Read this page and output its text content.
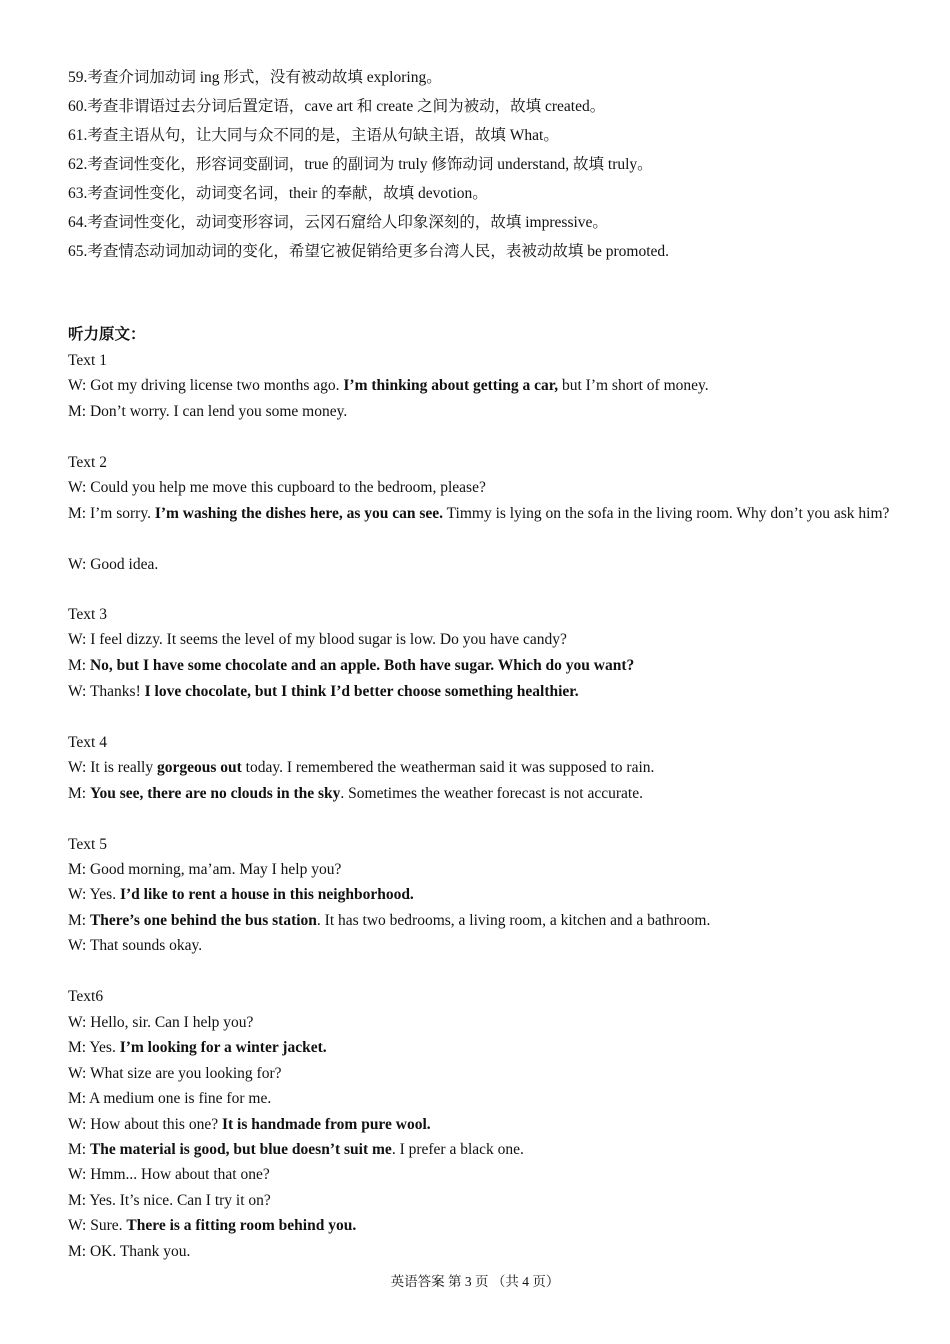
59.考查介词加动词 ing 形式，没有被动故填 exploring。
60.考查非谓语过去分词后置定语，cave art 和 create 之间为被动，故填 created。
61.考查主语从句，让大同与众不同的是，主语从句缺主语，故填 What。
62.考查词性变化，形容词变副词，true 的副词为 truly 修饰动词 understand, 故填 truly。
63.考查词性变化，动词变名词，their 的奉献，故填 devotion。
64.考查词性变化，动词变形容词，云冈石窟给人印象深刻的，故填 impressive。
65.考查情态动词加动词的变化，希望它被促销给更多台湾人民，表被动故填 be promoted.
听力原文：
Text 1
W: Got my driving license two months ago. I’m thinking about getting a car, but I’m short of money.
M: Don’t worry. I can lend you some money.
Text 2
W: Could you help me move this cupboard to the bedroom, please?
M: I’m sorry. I’m washing the dishes here, as you can see. Timmy is lying on the sofa in the living room. Why don’t you ask him?
W: Good idea.
Text 3
W: I feel dizzy. It seems the level of my blood sugar is low. Do you have candy?
M: No, but I have some chocolate and an apple. Both have sugar. Which do you want?
W: Thanks! I love chocolate, but I think I’d better choose something healthier.
Text 4
W: It is really gorgeous out today. I remembered the weatherman said it was supposed to rain.
M: You see, there are no clouds in the sky. Sometimes the weather forecast is not accurate.
Text 5
M: Good morning, ma’am. May I help you?
W: Yes. I’d like to rent a house in this neighborhood.
M: There’s one behind the bus station. It has two bedrooms, a living room, a kitchen and a bathroom.
W: That sounds okay.
Text6
W: Hello, sir. Can I help you?
M: Yes. I’m looking for a winter jacket.
W: What size are you looking for?
M: A medium one is fine for me.
W: How about this one? It is handmade from pure wool.
M: The material is good, but blue doesn’t suit me. I prefer a black one.
W: Hmm... How about that one?
M: Yes. It’s nice. Can I try it on?
W: Sure. There is a fitting room behind you.
M: OK. Thank you.
英语答案 第 3 页 （共 4 页）
